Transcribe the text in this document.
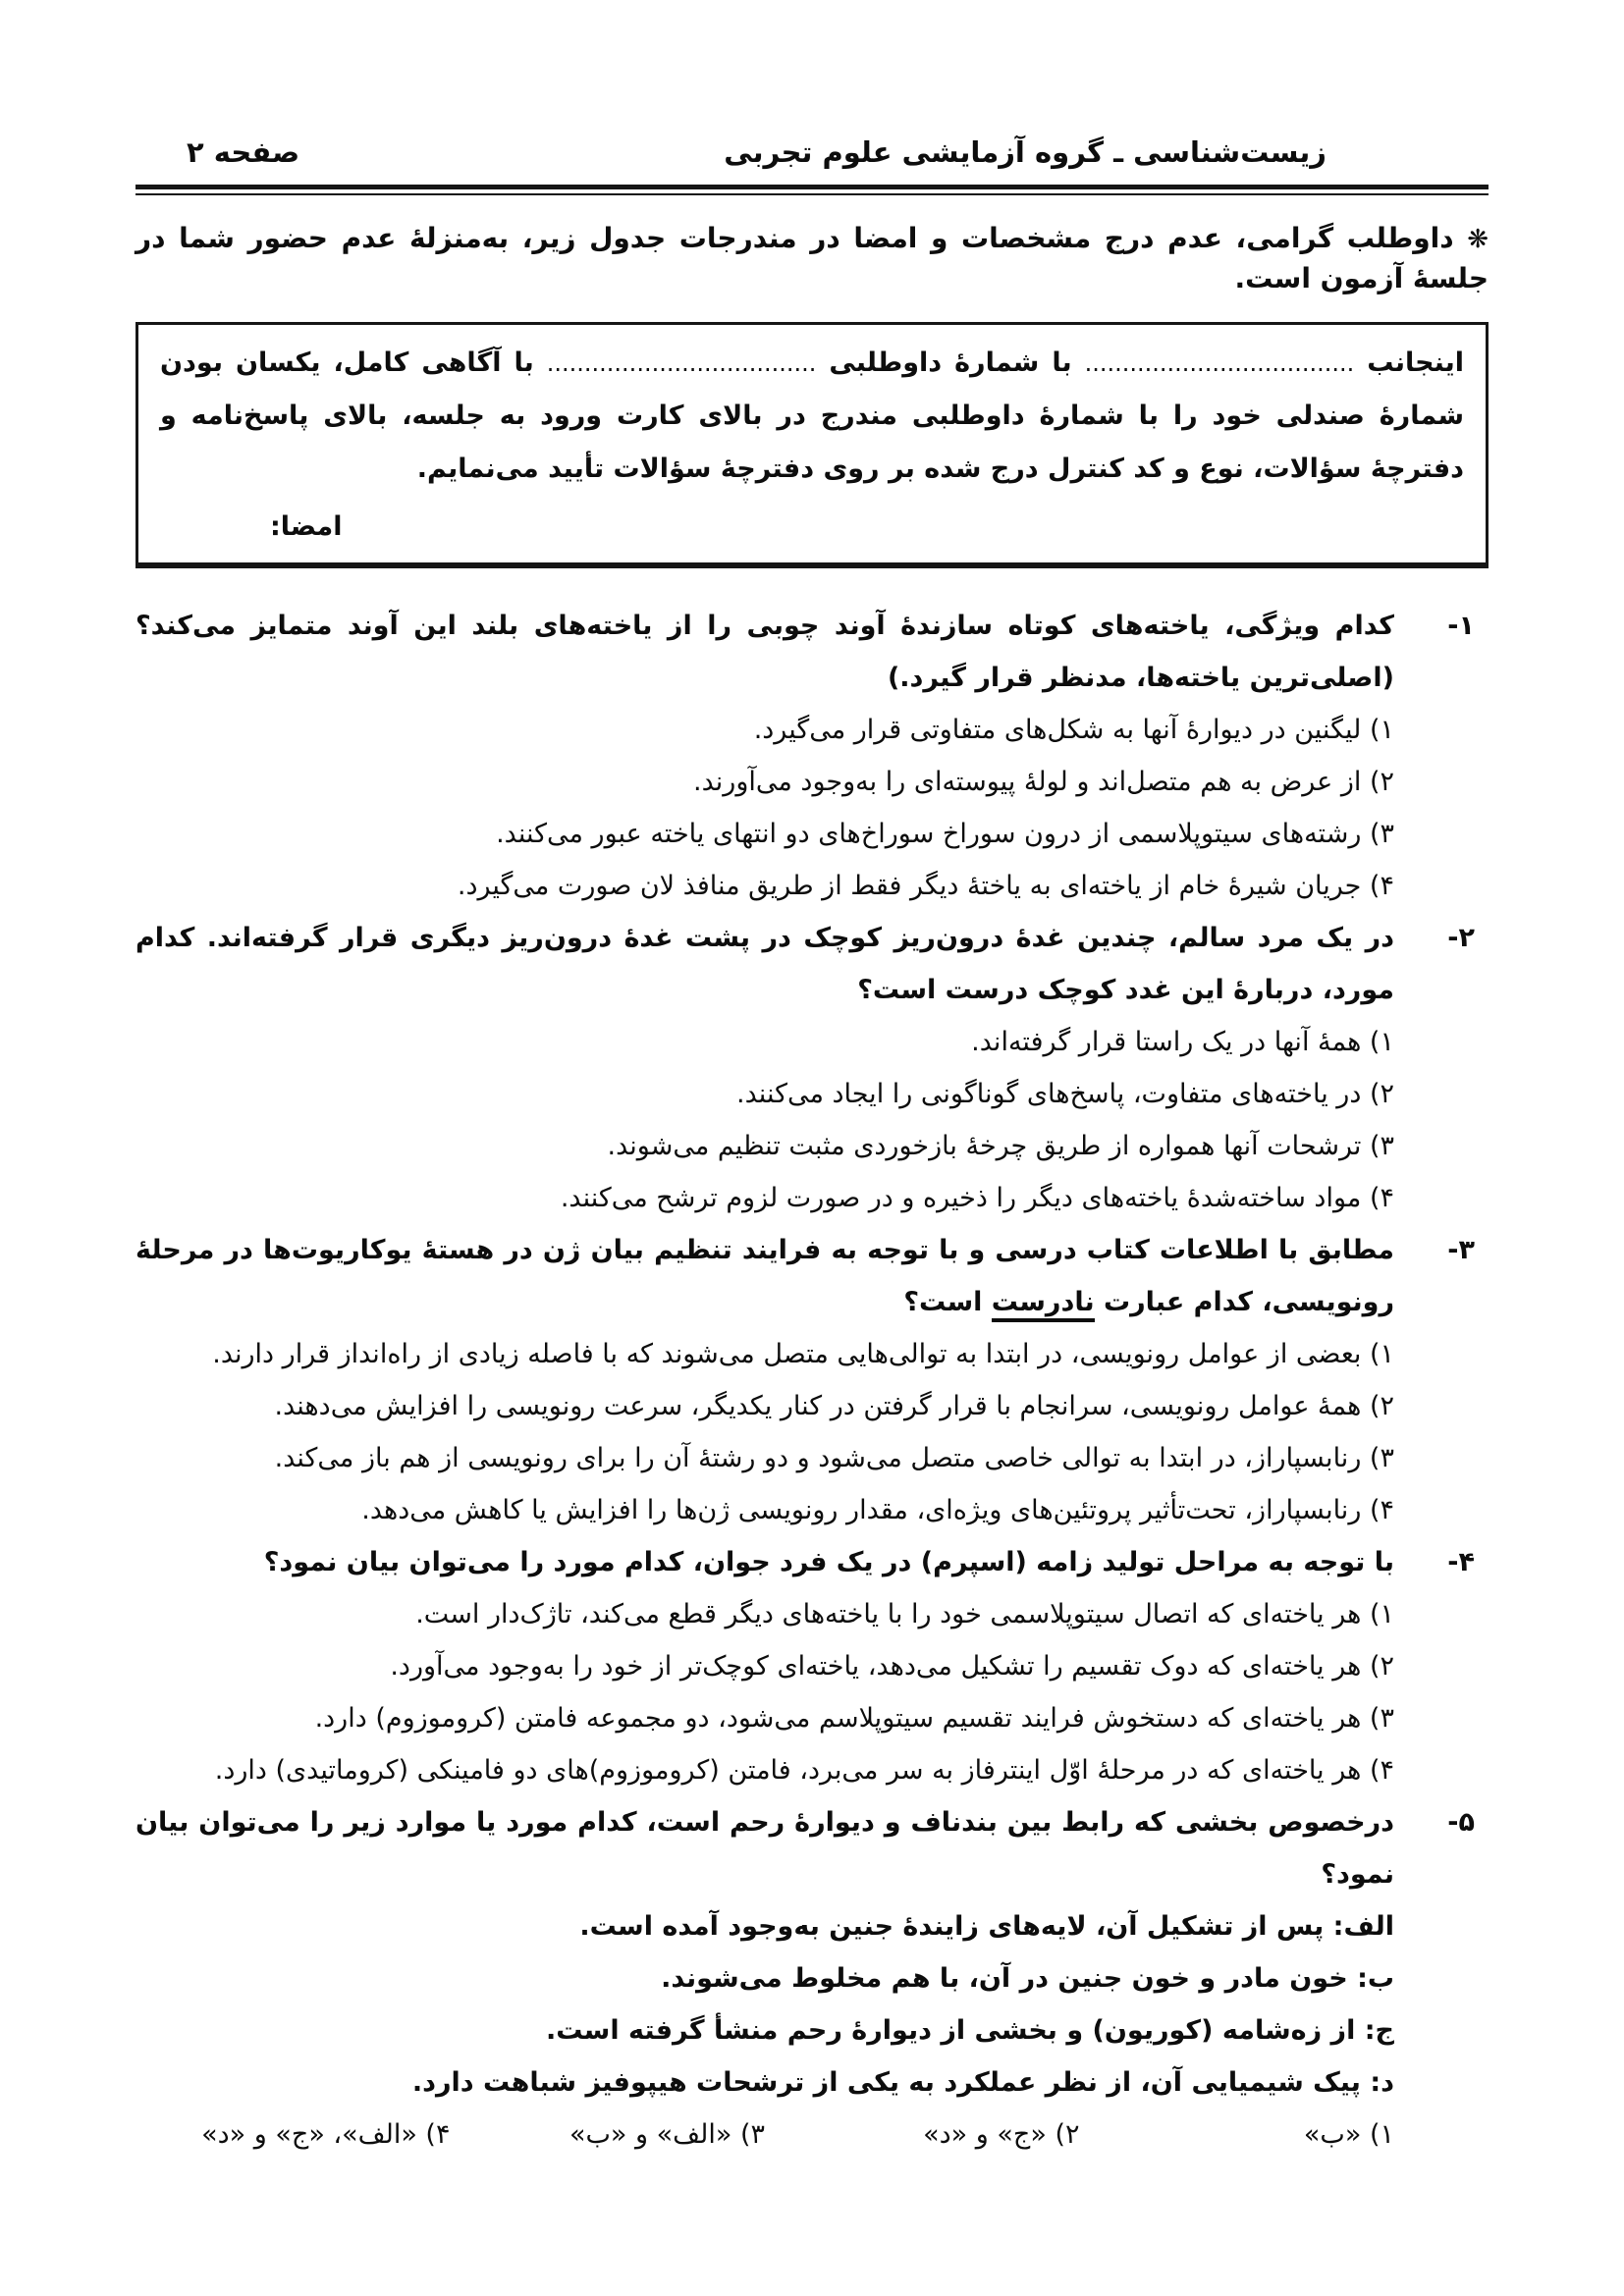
زیست‌شناسی ـ گروه آزمایشی علوم تجربی
صفحه ۲
❋ داوطلب گرامی، عدم درج مشخصات و امضا در مندرجات جدول زیر، به‌منزلهٔ عدم حضور شما در جلسهٔ آزمون است.
اینجانب .................................... با شمارهٔ داوطلبی .................................... با آگاهی کامل، یکسان بودن شمارهٔ صندلی خود را با شمارهٔ داوطلبی مندرج در بالای کارت ورود به جلسه، بالای پاسخ‌نامه و دفترچهٔ سؤالات، نوع و کد کنترل درج شده بر روی دفترچهٔ سؤالات تأیید می‌نمایم.
امضا:
۱-
کدام ویژگی، یاخته‌های کوتاه سازندهٔ آوند چوبی را از یاخته‌های بلند این آوند متمایز می‌کند؟ (اصلی‌ترین یاخته‌ها، مدنظر قرار گیرد.)
۱) لیگنین در دیوارهٔ آنها به شکل‌های متفاوتی قرار می‌گیرد.
۲) از عرض به هم متصل‌اند و لولهٔ پیوسته‌ای را به‌وجود می‌آورند.
۳) رشته‌های سیتوپلاسمی از درون سوراخ سوراخ‌های دو انتهای یاخته عبور می‌کنند.
۴) جریان شیرهٔ خام از یاخته‌ای به یاختهٔ دیگر فقط از طریق منافذ لان صورت می‌گیرد.
۲-
در یک مرد سالم، چندین غدهٔ درون‌ریز کوچک در پشت غدهٔ درون‌ریز دیگری قرار گرفته‌اند. کدام مورد، دربارهٔ این غدد کوچک درست است؟
۱) همهٔ آنها در یک راستا قرار گرفته‌اند.
۲) در یاخته‌های متفاوت، پاسخ‌های گوناگونی را ایجاد می‌کنند.
۳) ترشحات آنها همواره از طریق چرخهٔ بازخوردی مثبت تنظیم می‌شوند.
۴) مواد ساخته‌شدهٔ یاخته‌های دیگر را ذخیره و در صورت لزوم ترشح می‌کنند.
۳-
مطابق با اطلاعات کتاب درسی و با توجه به فرایند تنظیم بیان ژن در هستهٔ یوکاریوت‌ها در مرحلهٔ رونویسی، کدام عبارت نادرست است؟
۱) بعضی از عوامل رونویسی، در ابتدا به توالی‌هایی متصل می‌شوند که با فاصله زیادی از راه‌انداز قرار دارند.
۲) همهٔ عوامل رونویسی، سرانجام با قرار گرفتن در کنار یکدیگر، سرعت رونویسی را افزایش می‌دهند.
۳) رنابسپاراز، در ابتدا به توالی خاصی متصل می‌شود و دو رشتهٔ آن را برای رونویسی از هم باز می‌کند.
۴) رنابسپاراز، تحت‌تأثیر پروتئین‌های ویژه‌ای، مقدار رونویسی ژن‌ها را افزایش یا کاهش می‌دهد.
۴-
با توجه به مراحل تولید زامه (اسپرم) در یک فرد جوان، کدام مورد را می‌توان بیان نمود؟
۱) هر یاخته‌ای که اتصال سیتوپلاسمی خود را با یاخته‌های دیگر قطع می‌کند، تاژک‌دار است.
۲) هر یاخته‌ای که دوک تقسیم را تشکیل می‌دهد، یاخته‌ای کوچک‌تر از خود را به‌وجود می‌آورد.
۳) هر یاخته‌ای که دستخوش فرایند تقسیم سیتوپلاسم می‌شود، دو مجموعه فامتن (کروموزوم) دارد.
۴) هر یاخته‌ای که در مرحلهٔ اوّل اینترفاز به سر می‌برد، فامتن (کروموزوم)های دو فامینکی (کروماتیدی) دارد.
۵-
درخصوص بخشی که رابط بین بندناف و دیوارهٔ رحم است، کدام مورد یا موارد زیر را می‌توان بیان نمود؟
الف: پس از تشکیل آن، لایه‌های زایندهٔ جنین به‌وجود آمده است.
ب: خون مادر و خون جنین در آن، با هم مخلوط می‌شوند.
ج: از زه‌شامه (کوریون) و بخشی از دیوارهٔ رحم منشأ گرفته است.
د: پیک شیمیایی آن، از نظر عملکرد به یکی از ترشحات هیپوفیز شباهت دارد.
۱) «ب»
۲) «ج» و «د»
۳) «الف» و «ب»
۴) «الف»، «ج» و «د»
